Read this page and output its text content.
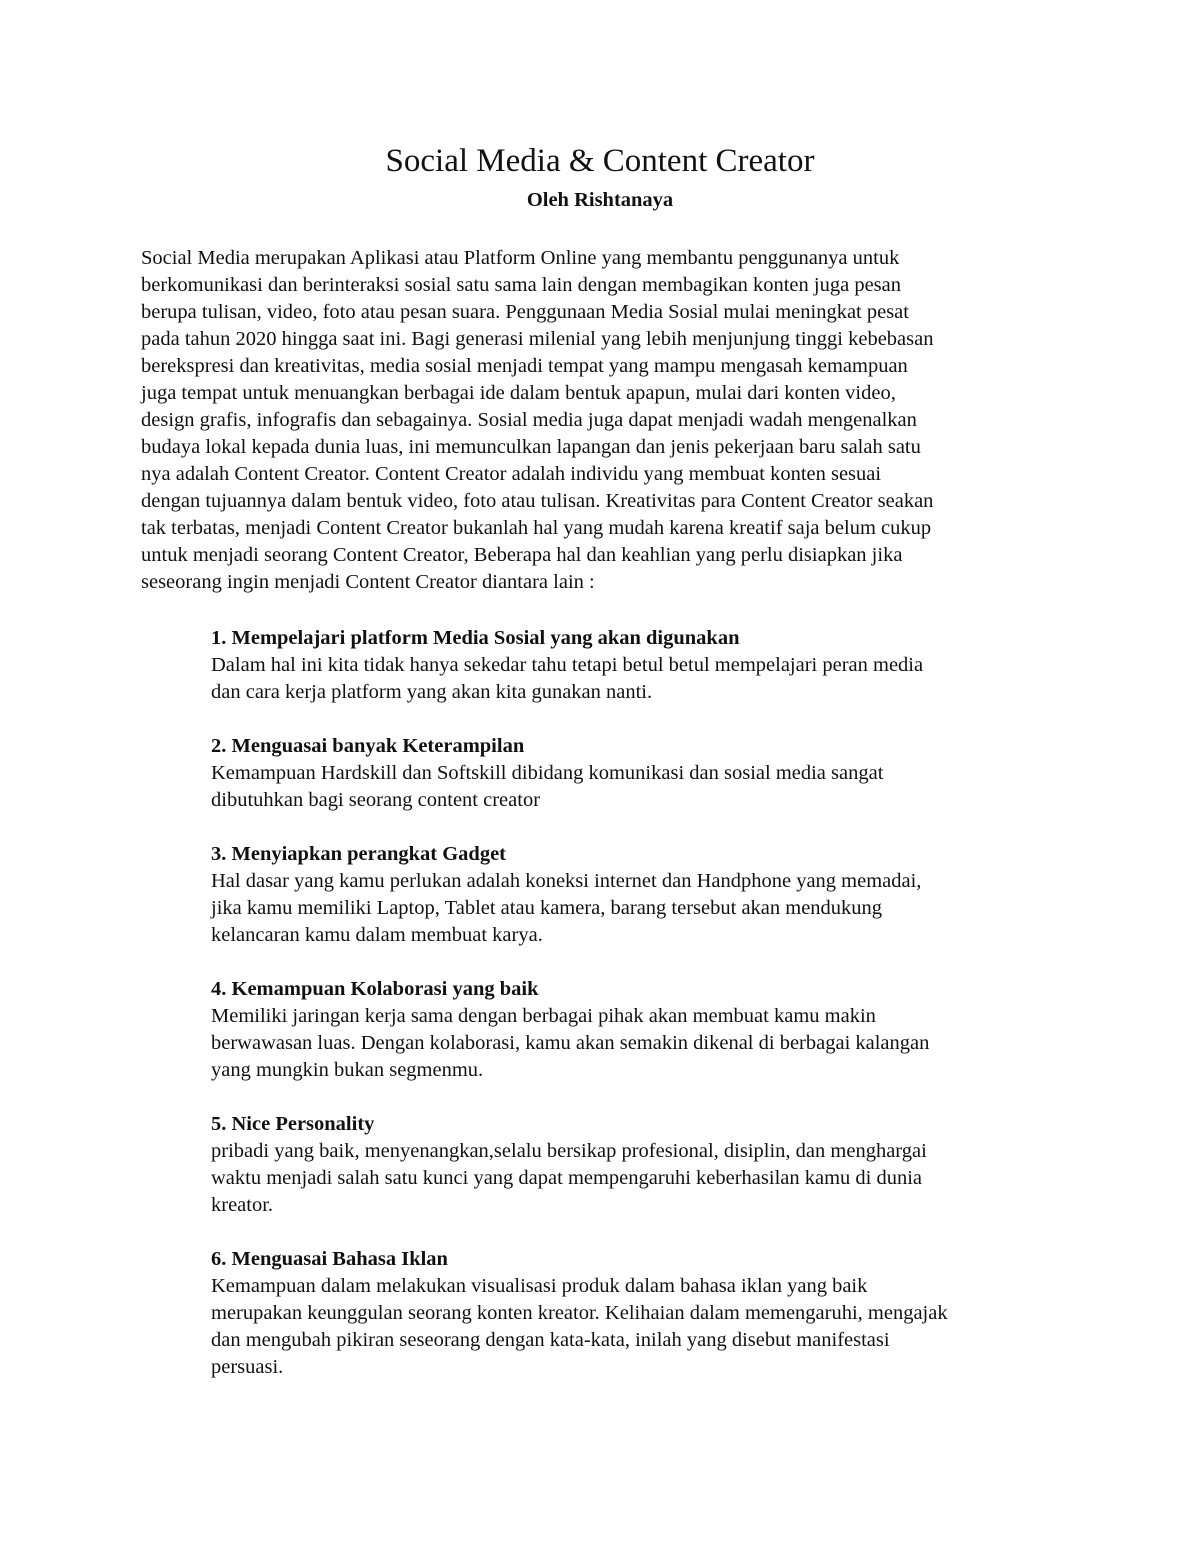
Social Media & Content Creator

Oleh Rishtanaya

Social Media merupakan Aplikasi atau Platform Online yang membantu penggunanya untuk
berkomunikasi dan berinteraksi sosial satu sama lain dengan membagikan konten juga pesan
berupa tulisan, video, foto atau pesan suara. Penggunaan Media Sosial mulai meningkat pesat
pada tahun 2020 hingga saat ini. Bagi generasi milenial yang lebih menjunjung tinggi kebebasan
berekspresi dan kreativitas, media sosial menjadi tempat yang mampu mengasah kemampuan
juga tempat untuk menuangkan berbagai ide dalam bentuk apapun, mulai dari konten video,
design grafis, infografis dan sebagainya. Sosial media juga dapat menjadi wadah mengenalkan
budaya lokal kepada dunia luas, ini memunculkan lapangan dan jenis pekerjaan baru salah satu
nya adalah Content Creator. Content Creator adalah individu yang membuat konten sesuai
dengan tujuannya dalam bentuk video, foto atau tulisan. Kreativitas para Content Creator seakan
tak terbatas, menjadi Content Creator bukanlah hal yang mudah karena kreatif saja belum cukup
untuk menjadi seorang Content Creator, Beberapa hal dan keahlian yang perlu disiapkan jika
seseorang ingin menjadi Content Creator diantara lain :

1. Mempelajari platform Media Sosial yang akan digunakan
Dalam hal ini kita tidak hanya sekedar tahu tetapi betul betul mempelajari peran media
dan cara kerja platform yang akan kita gunakan nanti.
2. Menguasai banyak Keterampilan
Kemampuan Hardskill dan Softskill dibidang komunikasi dan sosial media sangat
dibutuhkan bagi seorang content creator
3. Menyiapkan perangkat Gadget
Hal dasar yang kamu perlukan adalah koneksi internet dan Handphone yang memadai,
jika kamu memiliki Laptop, Tablet atau kamera, barang tersebut akan mendukung
kelancaran kamu dalam membuat karya.
4. Kemampuan Kolaborasi yang baik
Memiliki jaringan kerja sama dengan berbagai pihak akan membuat kamu makin
berwawasan luas. Dengan kolaborasi, kamu akan semakin dikenal di berbagai kalangan
yang mungkin bukan segmenmu.
5. Nice Personality
pribadi yang baik, menyenangkan,selalu bersikap profesional, disiplin, dan menghargai
waktu menjadi salah satu kunci yang dapat mempengaruhi keberhasilan kamu di dunia
kreator.
6. Menguasai Bahasa Iklan
Kemampuan dalam melakukan visualisasi produk dalam bahasa iklan yang baik
merupakan keunggulan seorang konten kreator. Kelihaian dalam memengaruhi, mengajak
dan mengubah pikiran seseorang dengan kata-kata, inilah yang disebut manifestasi
persuasi.
